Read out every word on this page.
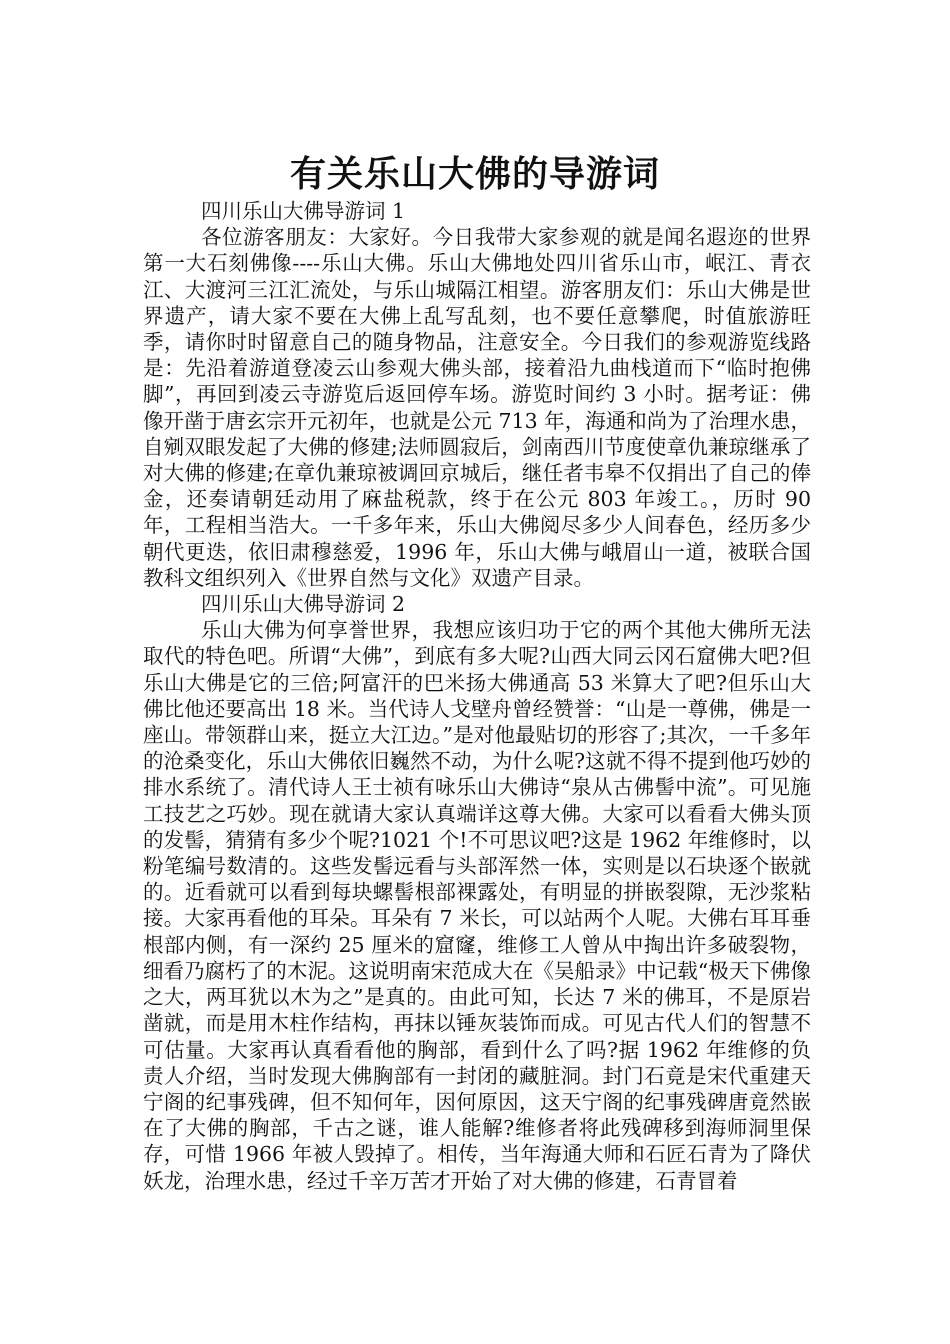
有关乐山大佛的导游词

四川乐山大佛导游词 1

各位游客朋友：大家好。今日我带大家参观的就是闻名遐迩的世界第一大石刻佛像----乐山大佛。乐山大佛地处四川省乐山市，岷江、青衣江、大渡河三江汇流处，与乐山城隔江相望。游客朋友们：乐山大佛是世界遗产，请大家不要在大佛上乱写乱刻，也不要任意攀爬，时值旅游旺季，请你时时留意自己的随身物品，注意安全。今日我们的参观游览线路是：先沿着游道登凌云山参观大佛头部，接着沿九曲栈道而下“临时抱佛脚”，再回到凌云寺游览后返回停车场。游览时间约 3 小时。据考证：佛像开凿于唐玄宗开元初年，也就是公元 713 年，海通和尚为了治理水患，自剜双眼发起了大佛的修建;法师圆寂后，剑南西川节度使章仇兼琼继承了对大佛的修建;在章仇兼琼被调回京城后，继任者韦皋不仅捐出了自己的俸金，还奏请朝廷动用了麻盐税款，终于在公元 803 年竣工。，历时 90 年，工程相当浩大。一千多年来，乐山大佛阅尽多少人间春色，经历多少朝代更迭，依旧肃穆慈爱，1996 年，乐山大佛与峨眉山一道，被联合国教科文组织列入《世界自然与文化》双遗产目录。

四川乐山大佛导游词 2

乐山大佛为何享誉世界，我想应该归功于它的两个其他大佛所无法取代的特色吧。所谓“大佛”，到底有多大呢?山西大同云冈石窟佛大吧?但乐山大佛是它的三倍;阿富汗的巴米扬大佛通高 53 米算大了吧?但乐山大佛比他还要高出 18 米。当代诗人戈壁舟曾经赞誉：“山是一尊佛，佛是一座山。带领群山来，挺立大江边。”是对他最贴切的形容了;其次，一千多年的沧桑变化，乐山大佛依旧巍然不动，为什么呢?这就不得不提到他巧妙的排水系统了。清代诗人王士祯有咏乐山大佛诗“泉从古佛髻中流”。可见施工技艺之巧妙。现在就请大家认真端详这尊大佛。大家可以看看大佛头顶的发髻，猜猜有多少个呢?1021 个!不可思议吧?这是 1962 年维修时，以粉笔编号数清的。这些发髻远看与头部浑然一体，实则是以石块逐个嵌就的。近看就可以看到每块螺髻根部裸露处，有明显的拼嵌裂隙，无沙浆粘接。大家再看他的耳朵。耳朵有 7 米长，可以站两个人呢。大佛右耳耳垂根部内侧，有一深约 25 厘米的窟窿，维修工人曾从中掏出许多破裂物，细看乃腐朽了的木泥。这说明南宋范成大在《吴船录》中记载“极天下佛像之大，两耳犹以木为之”是真的。由此可知，长达 7 米的佛耳，不是原岩凿就，而是用木柱作结构，再抹以锤灰装饰而成。可见古代人们的智慧不可估量。大家再认真看看他的胸部，看到什么了吗?据 1962 年维修的负责人介绍，当时发现大佛胸部有一封闭的藏脏洞。封门石竟是宋代重建天宁阁的纪事残碑，但不知何年，因何原因，这天宁阁的纪事残碑唐竟然嵌在了大佛的胸部，千古之谜，谁人能解?维修者将此残碑移到海师洞里保存，可惜 1966 年被人毁掉了。相传，当年海通大师和石匠石青为了降伏妖龙，治理水患，经过千辛万苦才开始了对大佛的修建，石青冒着
